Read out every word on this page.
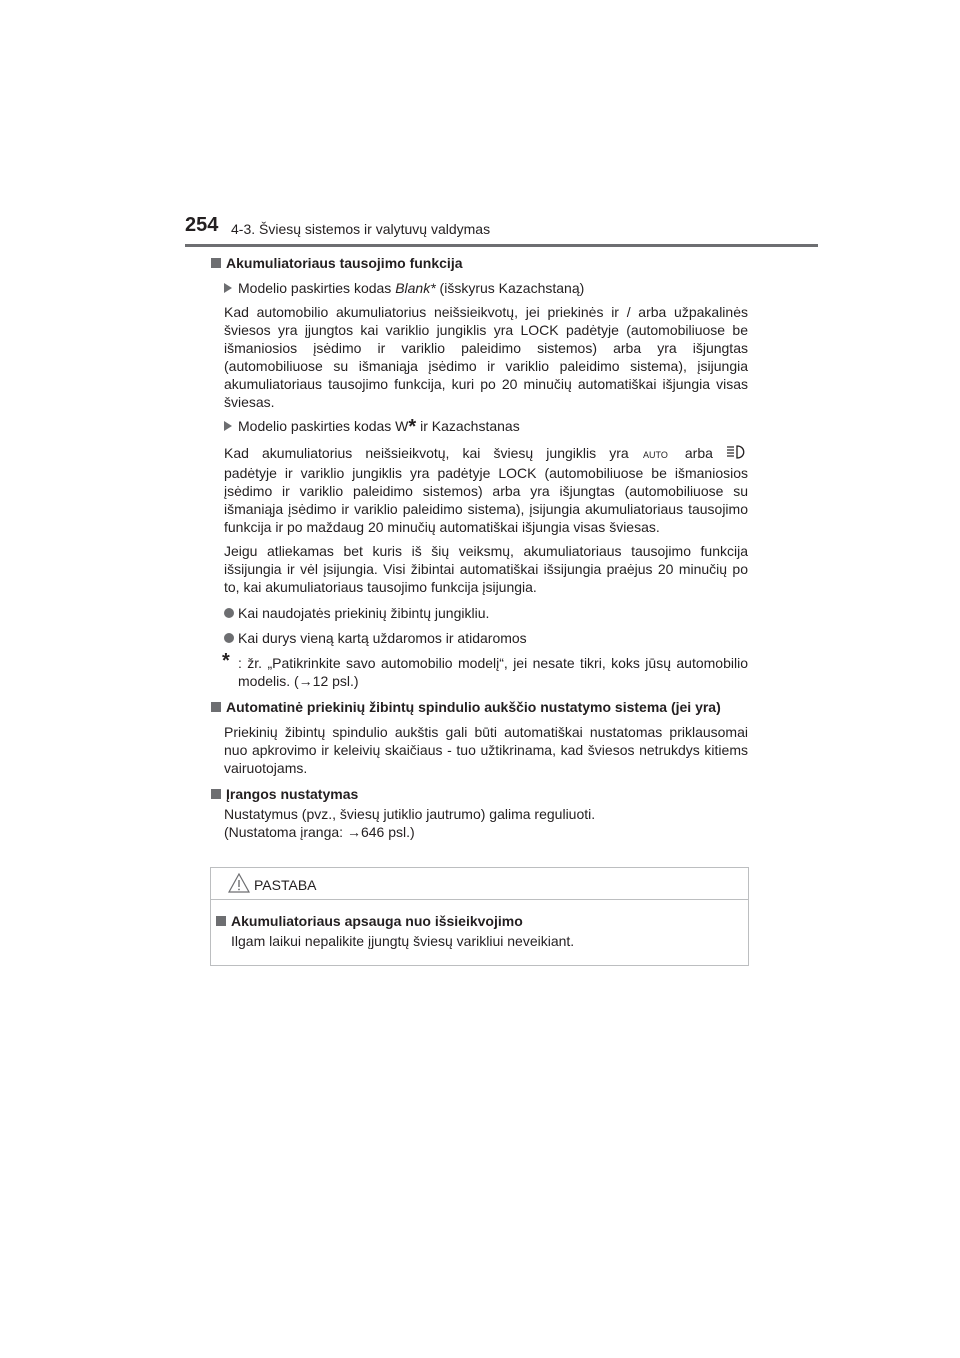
254 4-3. Šviesų sistemos ir valytuvų valdymas
Akumuliatoriaus tausojimo funkcija
Modelio paskirties kodas Blank* (išskyrus Kazachstaną)
Kad automobilio akumuliatorius neišsieikvotų, jei priekinės ir / arba užpakalinės šviesos yra įjungtos kai variklio jungiklis yra LOCK padėtyje (automobiliuose be išmaniosios įsėdimo ir variklio paleidimo sistemos) arba yra išjungtas (automobiliuose su išmaniąja įsėdimo ir variklio paleidimo sistema), įsijungia akumuliatoriaus tausojimo funkcija, kuri po 20 minučių automatiškai išjungia visas šviesas.
Modelio paskirties kodas W* ir Kazachstanas
Kad akumuliatorius neišsieikvotų, kai šviesų jungiklis yra AUTO arba
padėtyje ir variklio jungiklis yra padėtyje LOCK (automobiliuose be išmaniosios įsėdimo ir variklio paleidimo sistemos) arba yra išjungtas (automobiliuose su išmaniąja įsėdimo ir variklio paleidimo sistema), įsijungia akumuliatoriaus tausojimo funkcija ir po maždaug 20 minučių automatiškai išjungia visas šviesas.
Jeigu atliekamas bet kuris iš šių veiksmų, akumuliatoriaus tausojimo funkcija išsijungia ir vėl įsijungia. Visi žibintai automatiškai išsijungia praėjus 20 minučių po to, kai akumuliatoriaus tausojimo funkcija įsijungia.
Kai naudojatės priekinių žibintų jungikliu.
Kai durys vieną kartą uždaromos ir atidaromos
* : žr. „Patikrinkite savo automobilio modelį“, jei nesate tikri, koks jūsų automobilio modelis. (→12 psl.)
Automatinė priekinių žibintų spindulio aukščio nustatymo sistema (jei yra)
Priekinių žibintų spindulio aukštis gali būti automatiškai nustatomas priklausomai nuo apkrovimo ir keleivių skaičiaus - tuo užtikrinama, kad šviesos netrukdys kitiems vairuotojams.
Įrangos nustatymas
Nustatymus (pvz., šviesų jutiklio jautrumo) galima reguliuoti.
(Nustatoma įranga: →646 psl.)
PASTABA
Akumuliatoriaus apsauga nuo išsieikvojimo
Ilgam laikui nepalikite įjungtų šviesų varikliui neveikiant.
